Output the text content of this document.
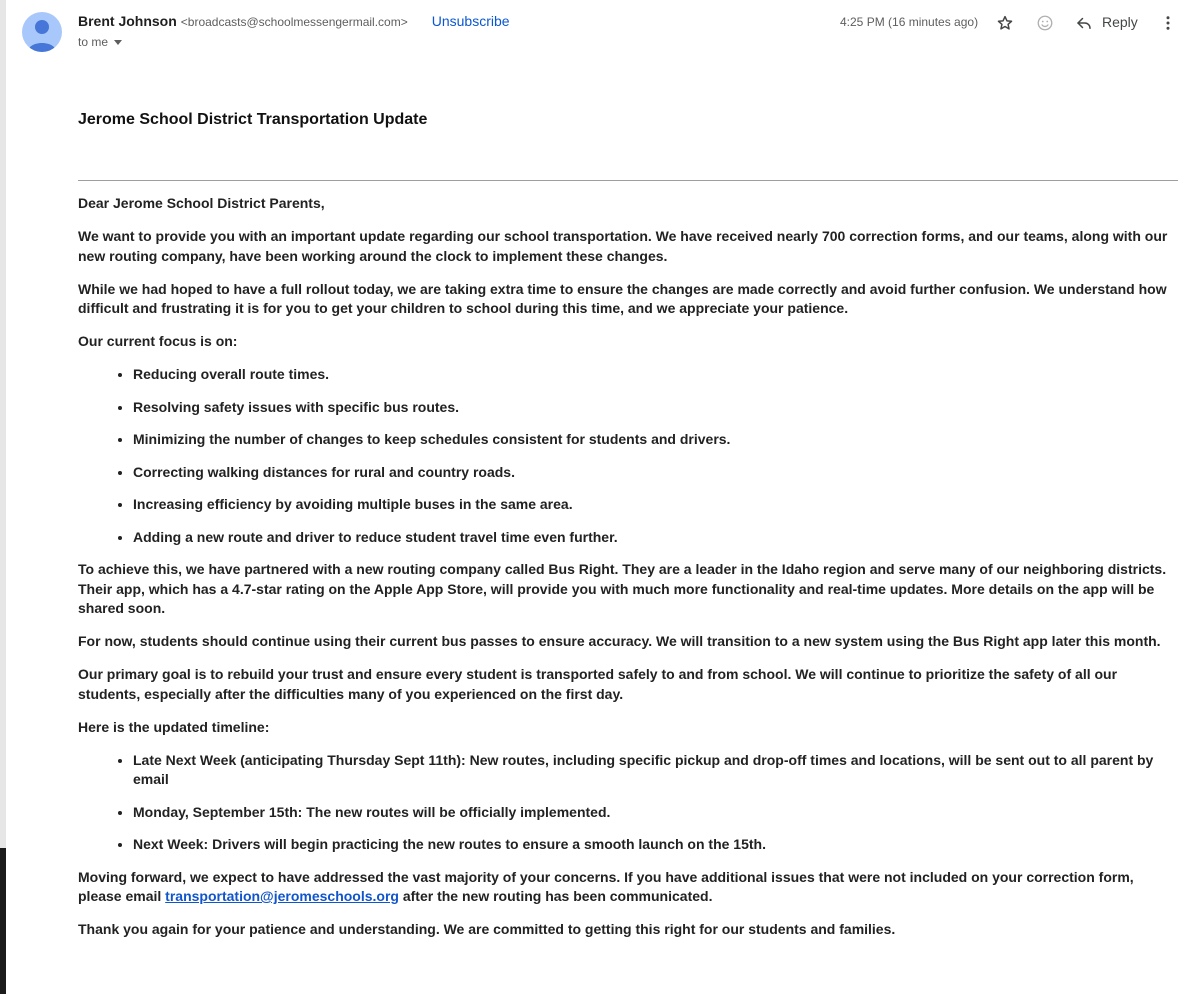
Brent Johnson <broadcasts@schoolmessengermail.com> Unsubscribe
to me
4:25 PM (16 minutes ago)	Reply
Jerome School District Transportation Update

Dear Jerome School District Parents,

We want to provide you with an important update regarding our school transportation. We have received nearly 700 correction forms, and our teams, along with our new routing company, have been working around the clock to implement these changes.

While we had hoped to have a full rollout today, we are taking extra time to ensure the changes are made correctly and avoid further confusion. We understand how difficult and frustrating it is for you to get your children to school during this time, and we appreciate your patience.

Our current focus is on:

• Reducing overall route times.
• Resolving safety issues with specific bus routes.
• Minimizing the number of changes to keep schedules consistent for students and drivers.
• Correcting walking distances for rural and country roads.
• Increasing efficiency by avoiding multiple buses in the same area.
• Adding a new route and driver to reduce student travel time even further.

To achieve this, we have partnered with a new routing company called Bus Right. They are a leader in the Idaho region and serve many of our neighboring districts. Their app, which has a 4.7-star rating on the Apple App Store, will provide you with much more functionality and real-time updates. More details on the app will be shared soon.

For now, students should continue using their current bus passes to ensure accuracy. We will transition to a new system using the Bus Right app later this month.

Our primary goal is to rebuild your trust and ensure every student is transported safely to and from school. We will continue to prioritize the safety of all our students, especially after the difficulties many of you experienced on the first day.

Here is the updated timeline:

• Late Next Week (anticipating Thursday Sept 11th): New routes, including specific pickup and drop-off times and locations, will be sent out to all parent by email
• Monday, September 15th: The new routes will be officially implemented.
• Next Week: Drivers will begin practicing the new routes to ensure a smooth launch on the 15th.

Moving forward, we expect to have addressed the vast majority of your concerns. If you have additional issues that were not included on your correction form, please email transportation@jeromeschools.org after the new routing has been communicated.

Thank you again for your patience and understanding. We are committed to getting this right for our students and families.
